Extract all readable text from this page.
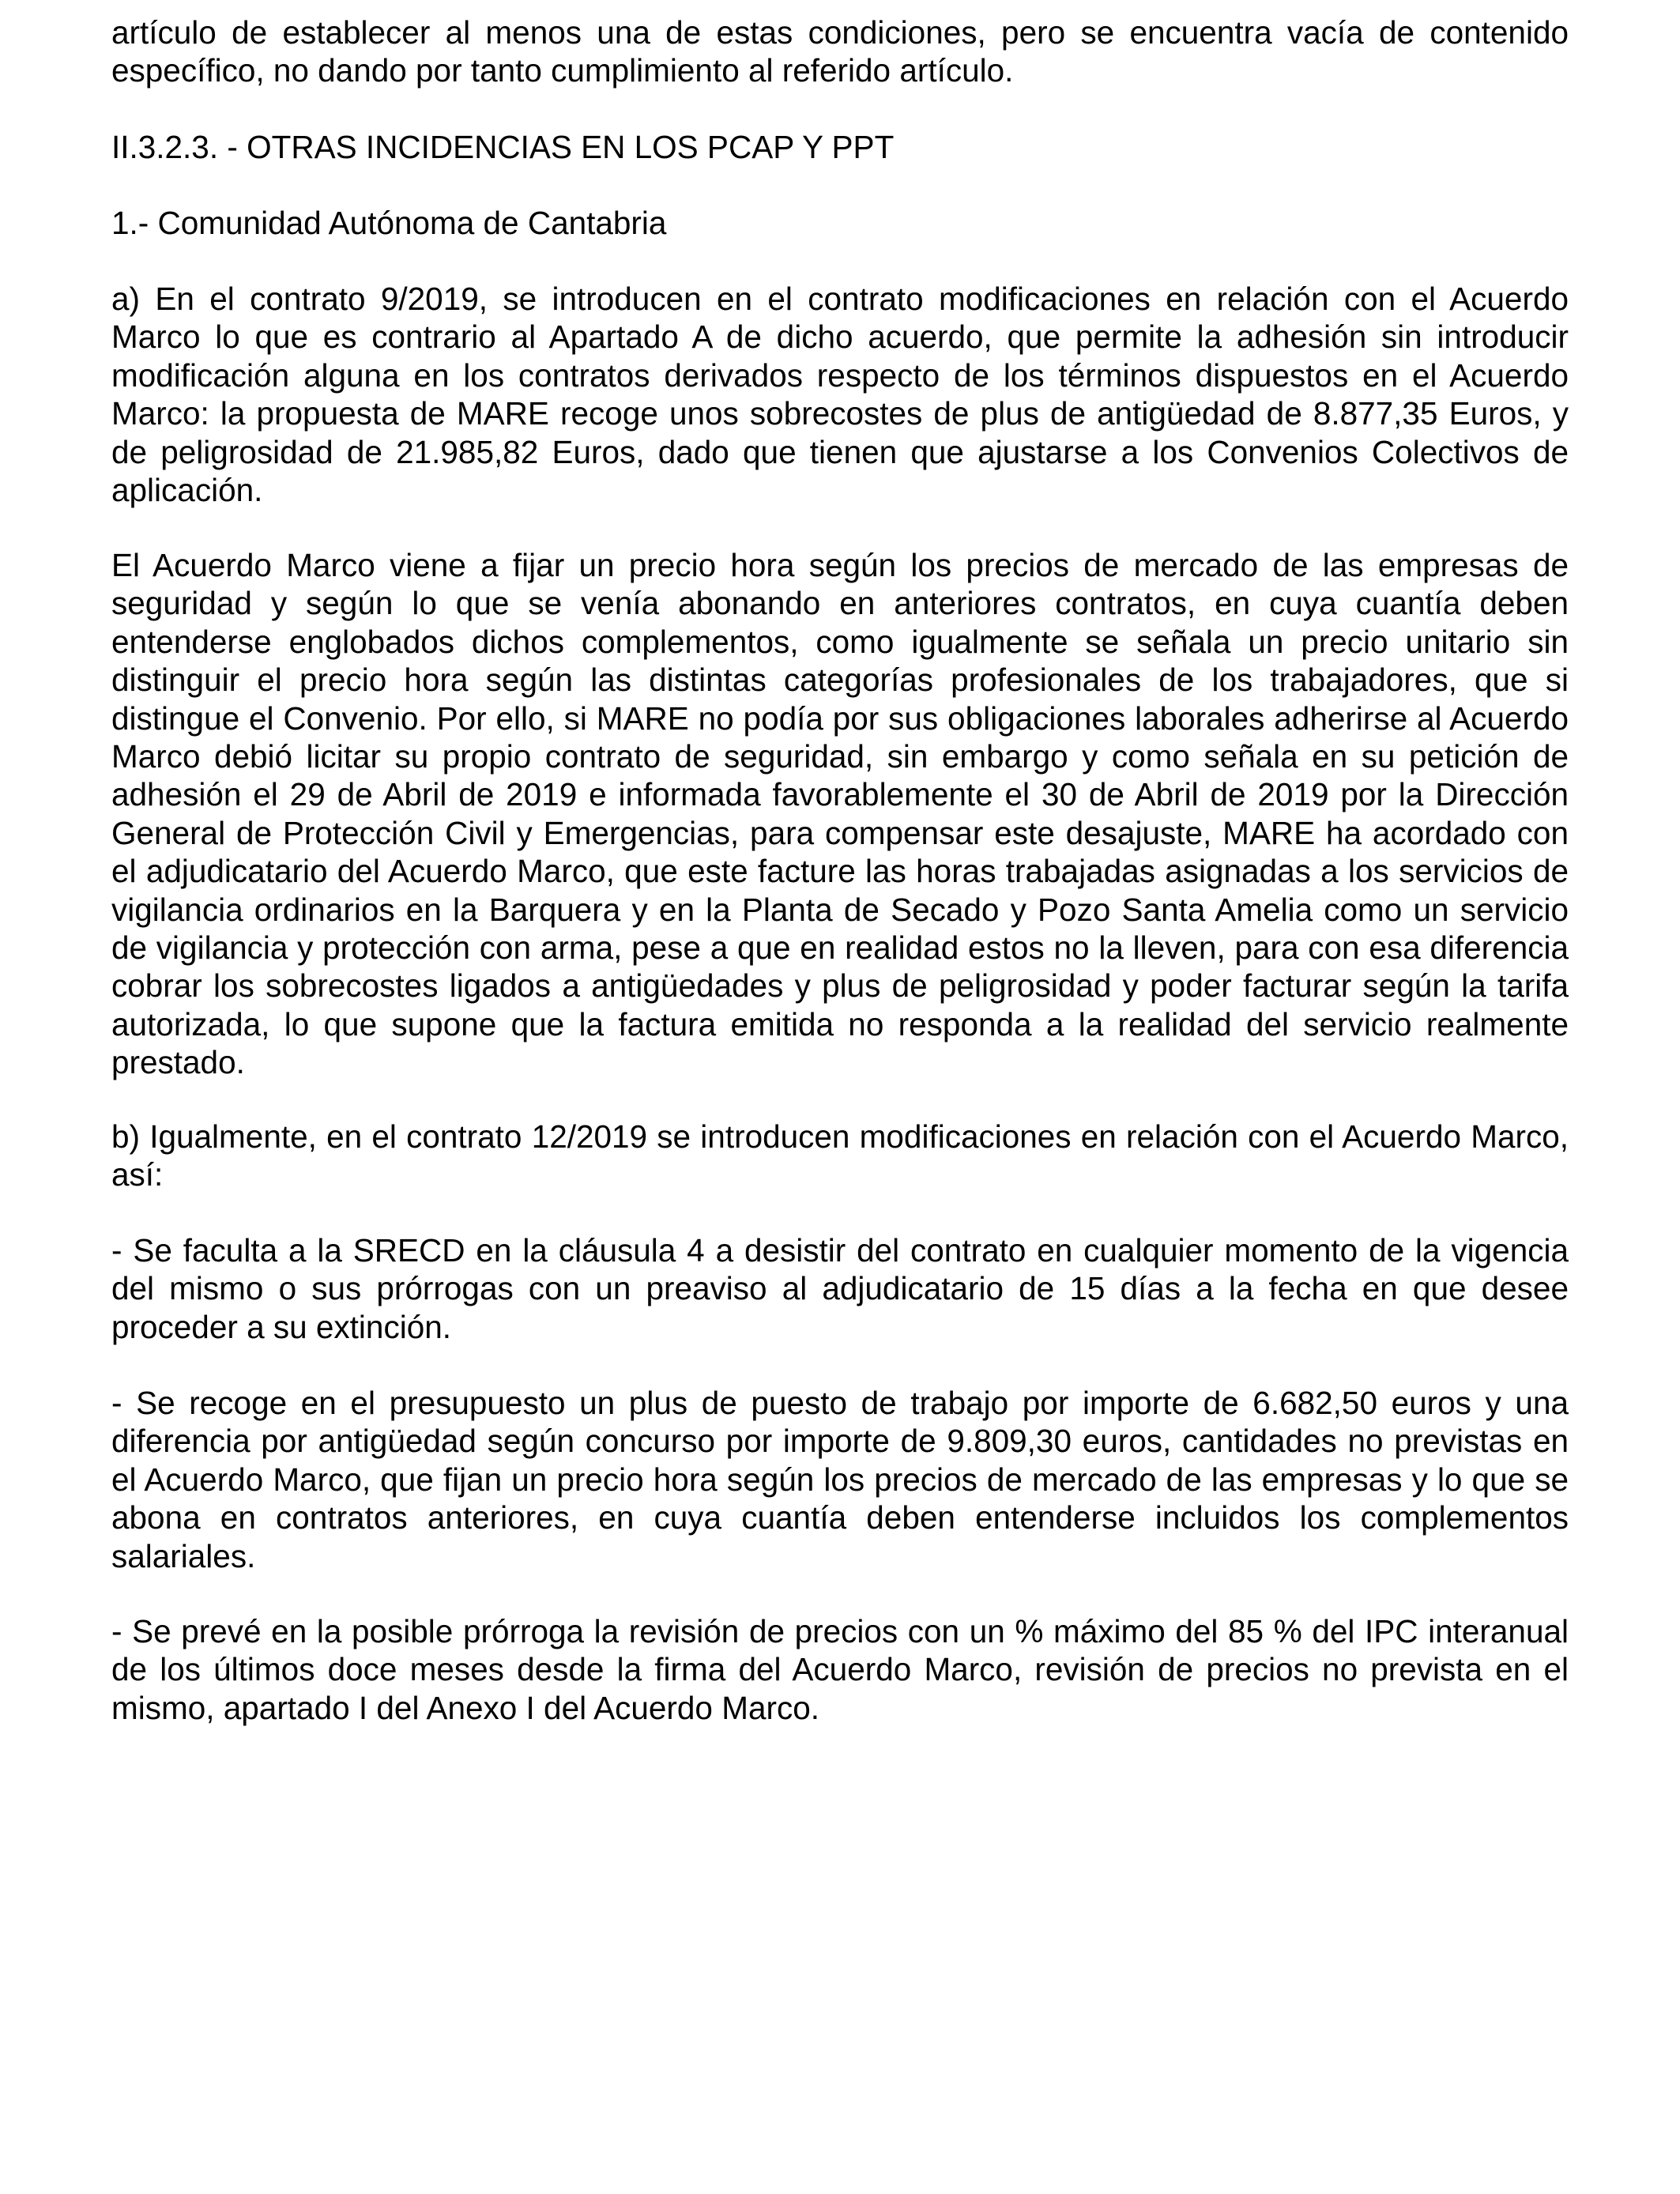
artículo de establecer al menos una de estas condiciones, pero se encuentra vacía de contenido específico, no dando por tanto cumplimiento al referido artículo.

II.3.2.3. - OTRAS INCIDENCIAS EN LOS PCAP Y PPT

1.- Comunidad Autónoma de Cantabria

a) En el contrato 9/2019, se introducen en el contrato modificaciones en relación con el Acuerdo Marco lo que es contrario al Apartado A de dicho acuerdo, que permite la adhesión sin introducir modificación alguna en los contratos derivados respecto de los términos dispuestos en el Acuerdo Marco: la propuesta de MARE recoge unos sobrecostes de plus de antigüedad de 8.877,35 Euros, y de peligrosidad de 21.985,82 Euros, dado que tienen que ajustarse a los Convenios Colectivos de aplicación.

El Acuerdo Marco viene a fijar un precio hora según los precios de mercado de las empresas de seguridad y según lo que se venía abonando en anteriores contratos, en cuya cuantía deben entenderse englobados dichos complementos, como igualmente se señala un precio unitario sin distinguir el precio hora según las distintas categorías profesionales de los trabajadores, que si distingue el Convenio. Por ello, si MARE no podía por sus obligaciones laborales adherirse al Acuerdo Marco debió licitar su propio contrato de seguridad, sin embargo y como señala en su petición de adhesión el 29 de Abril de 2019 e informada favorablemente el 30 de Abril de 2019 por la Dirección General de Protección Civil y Emergencias, para compensar este desajuste, MARE ha acordado con el adjudicatario del Acuerdo Marco, que este facture las horas trabajadas asignadas a los servicios de vigilancia ordinarios en la Barquera y en la Planta de Secado y Pozo Santa Amelia como un servicio de vigilancia y protección con arma, pese a que en realidad estos no la lleven, para con esa diferencia cobrar los sobrecostes ligados a antigüedades y plus de peligrosidad y poder facturar según la tarifa autorizada, lo que supone que la factura emitida no responda a la realidad del servicio realmente prestado.

b) Igualmente, en el contrato 12/2019 se introducen modificaciones en relación con el Acuerdo Marco, así:

- Se faculta a la SRECD en la cláusula 4 a desistir del contrato en cualquier momento de la vigencia del mismo o sus prórrogas con un preaviso al adjudicatario de 15 días a la fecha en que desee proceder a su extinción.

- Se recoge en el presupuesto un plus de puesto de trabajo por importe de 6.682,50 euros y una diferencia por antigüedad según concurso por importe de 9.809,30 euros, cantidades no previstas en el Acuerdo Marco, que fijan un precio hora según los precios de mercado de las empresas y lo que se abona en contratos anteriores, en cuya cuantía deben entenderse incluidos los complementos salariales.

- Se prevé en la posible prórroga la revisión de precios con un % máximo del 85 % del IPC interanual de los últimos doce meses desde la firma del Acuerdo Marco, revisión de precios no prevista en el mismo, apartado I del Anexo I del Acuerdo Marco.
